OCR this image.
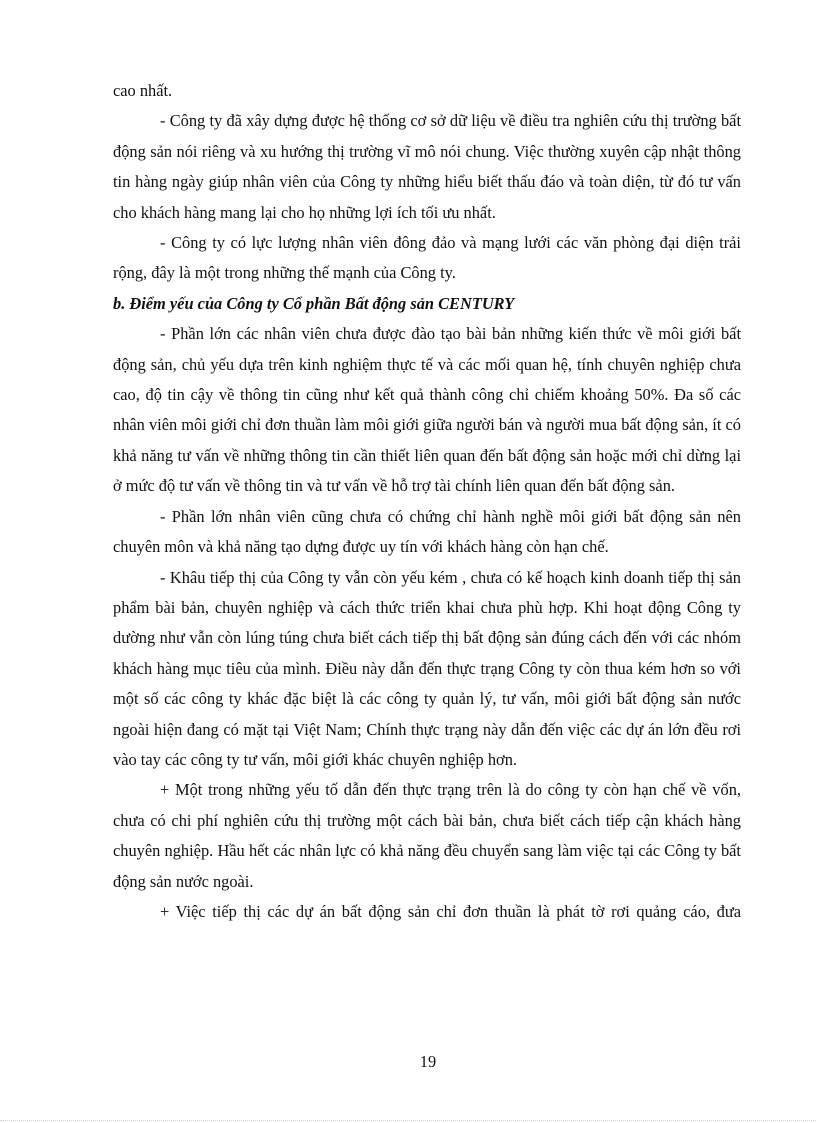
cao nhất.

- Công ty đã xây dựng được hệ thống cơ sở dữ liệu về điều tra nghiên cứu thị trường bất động sản nói riêng và xu hướng thị trường vĩ mô nói chung. Việc thường xuyên cập nhật thông tin hàng ngày giúp nhân viên của Công ty những hiểu biết thấu đáo và toàn diện, từ đó tư vấn cho khách hàng mang lại cho họ những lợi ích tối ưu nhất.

- Công ty có lực lượng nhân viên đông đảo và mạng lưới các văn phòng đại diện trải rộng, đây là một trong những thế mạnh của Công ty.

b. Điểm yếu của Công ty Cổ phần Bất động sản CENTURY

- Phần lớn các nhân viên chưa được đào tạo bài bản những kiến thức về môi giới bất động sản, chủ yếu dựa trên kinh nghiệm thực tế và các mối quan hệ, tính chuyên nghiệp chưa cao, độ tin cậy về thông tin cũng như kết quả thành công chỉ chiếm khoảng 50%. Đa số các nhân viên môi giới chỉ đơn thuần làm môi giới giữa người bán và người mua bất động sản, ít có khả năng tư vấn về những thông tin cần thiết liên quan đến bất động sản hoặc mới chỉ dừng lại ở mức độ tư vấn về thông tin và tư vấn về hỗ trợ tài chính liên quan đến bất động sản.

- Phần lớn nhân viên cũng chưa có chứng chỉ hành nghề môi giới bất động sản nên chuyên môn và khả năng tạo dựng được uy tín với khách hàng còn hạn chế.

- Khâu tiếp thị của Công ty vẫn còn yếu kém , chưa có kế hoạch kinh doanh tiếp thị sản phẩm bài bản, chuyên nghiệp và cách thức triển khai chưa phù hợp. Khi hoạt động Công ty dường như vẫn còn lúng túng chưa biết cách tiếp thị bất động sản đúng cách đến với các nhóm khách hàng mục tiêu của mình. Điều này dẫn đến thực trạng Công ty còn thua kém hơn so với một số các công ty khác đặc biệt là các công ty quản lý, tư vấn, môi giới bất động sản nước ngoài hiện đang có mặt tại Việt Nam; Chính thực trạng này dẫn đến việc các dự án lớn đều rơi vào tay các công ty tư vấn, môi giới khác chuyên nghiệp hơn.

+ Một trong những yếu tố dẫn đến thực trạng trên là do công ty còn hạn chế về vốn, chưa có chi phí nghiên cứu thị trường một cách bài bản, chưa biết cách tiếp cận khách hàng chuyên nghiệp. Hầu hết các nhân lực có khả năng đều chuyển sang làm việc tại các Công ty bất động sản nước ngoài.

+ Việc tiếp thị các dự án bất động sản chỉ đơn thuần là phát tờ rơi quảng cáo, đưa

19
